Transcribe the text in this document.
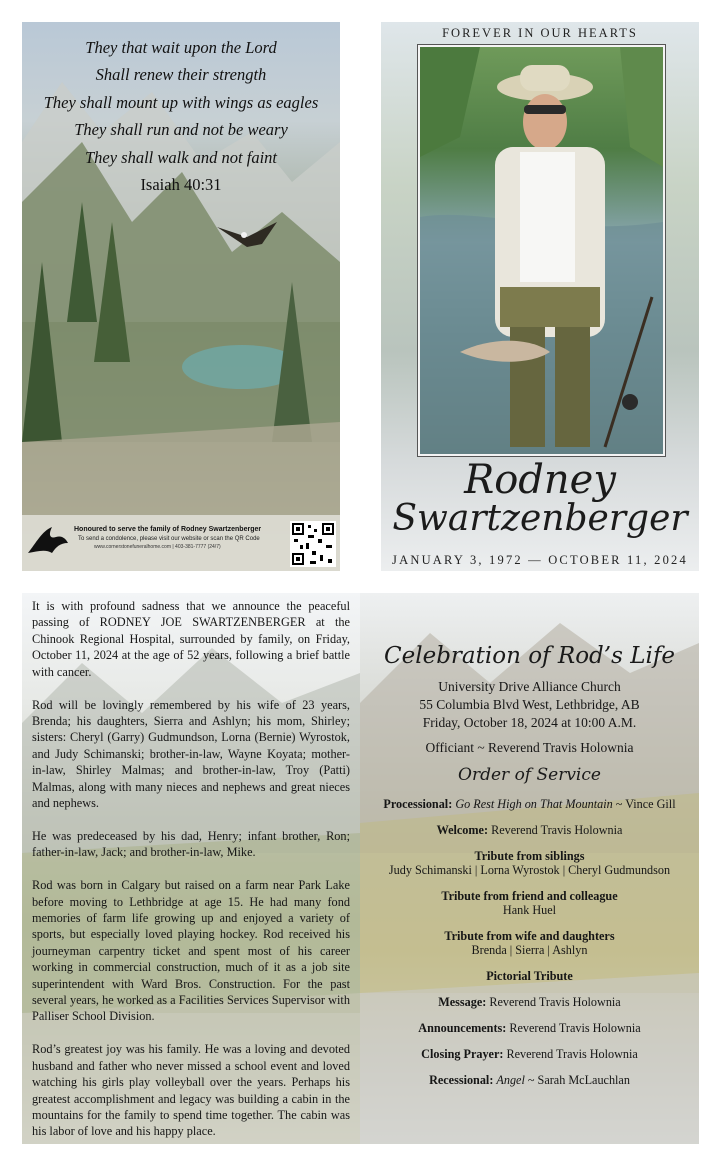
They that wait upon the Lord
Shall renew their strength
They shall mount up with wings as eagles
They shall run and not be weary
They shall walk and not faint
Isaiah 40:31
Honoured to serve the family of Rodney Swartzenberger
To send a condolence, please visit our website or scan the QR Code
www.cornerstonefuneralhome.com | 403-381-7777 (24/7)
FOREVER IN OUR HEARTS
Rodney
Swartzenberger
JANUARY 3, 1972 — OCTOBER 11, 2024

It is with profound sadness that we announce the peaceful passing of RODNEY JOE SWARTZENBERGER at the Chinook Regional Hospital, surrounded by family, on Friday, October 11, 2024 at the age of 52 years, following a brief battle with cancer.

Rod will be lovingly remembered by his wife of 23 years, Brenda; his daughters, Sierra and Ashlyn; his mom, Shirley; sisters: Cheryl (Garry) Gudmundson, Lorna (Bernie) Wyrostok, and Judy Schimanski; brother-in-law, Wayne Koyata; mother-in-law, Shirley Malmas; and brother-in-law, Troy (Patti) Malmas, along with many nieces and nephews and great nieces and nephews.

He was predeceased by his dad, Henry; infant brother, Ron; father-in-law, Jack; and brother-in-law, Mike.

Rod was born in Calgary but raised on a farm near Park Lake before moving to Lethbridge at age 15. He had many fond memories of farm life growing up and enjoyed a variety of sports, but especially loved playing hockey. Rod received his journeyman carpentry ticket and spent most of his career working in commercial construction, much of it as a job site superintendent with Ward Bros. Construction. For the past several years, he worked as a Facilities Services Supervisor with Palliser School Division.

Rod’s greatest joy was his family. He was a loving and devoted husband and father who never missed a school event and loved watching his girls play volleyball over the years. Perhaps his greatest accomplishment and legacy was building a cabin in the mountains for the family to spend time together. The cabin was his labor of love and his happy place.

Celebration of Rod’s Life
University Drive Alliance Church
55 Columbia Blvd West, Lethbridge, AB
Friday, October 18, 2024 at 10:00 A.M.
Officiant ~ Reverend Travis Holownia
Order of Service
Processional: Go Rest High on That Mountain ~ Vince Gill
Welcome: Reverend Travis Holownia
Tribute from siblings
Judy Schimanski | Lorna Wyrostok | Cheryl Gudmundson
Tribute from friend and colleague
Hank Huel
Tribute from wife and daughters
Brenda | Sierra | Ashlyn
Pictorial Tribute
Message: Reverend Travis Holownia
Announcements: Reverend Travis Holownia
Closing Prayer: Reverend Travis Holownia
Recessional: Angel ~ Sarah McLauchlan
